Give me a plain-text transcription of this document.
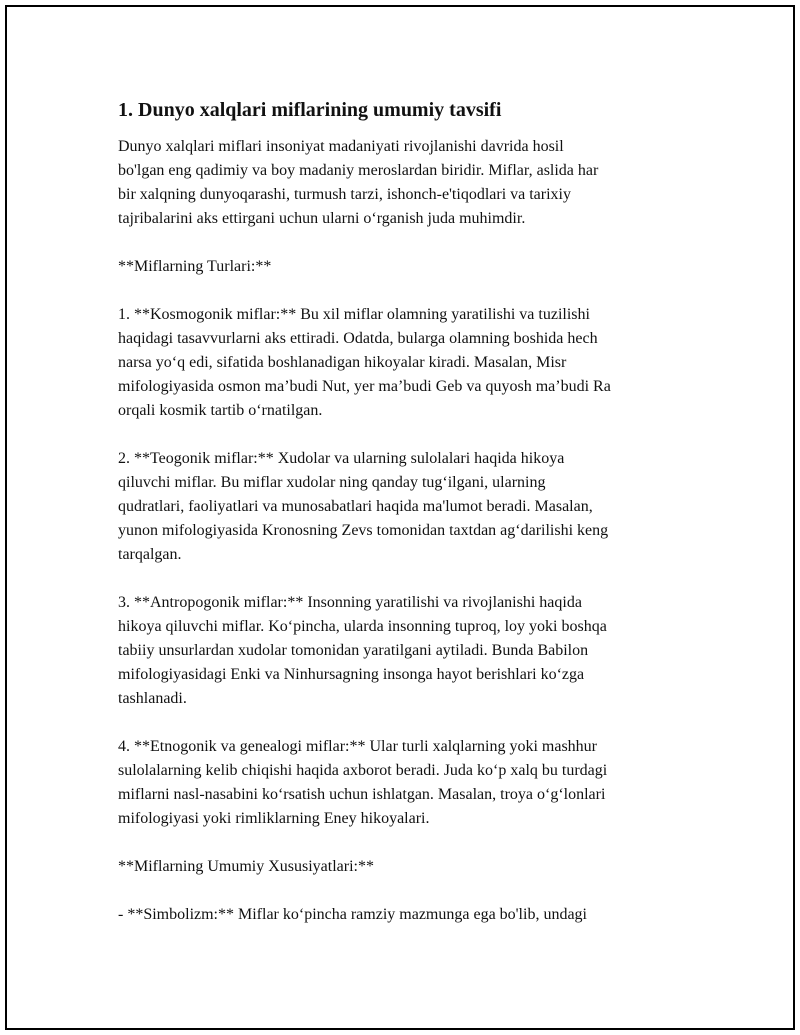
1. Dunyo xalqlari miflarining umumiy tavsifi

Dunyo xalqlari miflari insoniyat madaniyati rivojlanishi davrida hosil
bo'lgan eng qadimiy va boy madaniy meroslardan biridir. Miflar, aslida har
bir xalqning dunyoqarashi, turmush tarzi, ishonch-e'tiqodlari va tarixiy
tajribalarini aks ettirgani uchun ularni o‘rganish juda muhimdir.

**Miflarning Turlari:**

1. **Kosmogonik miflar:** Bu xil miflar olamning yaratilishi va tuzilishi
haqidagi tasavvurlarni aks ettiradi. Odatda, bularga olamning boshida hech
narsa yo‘q edi, sifatida boshlanadigan hikoyalar kiradi. Masalan, Misr
mifologiyasida osmon ma’budi Nut, yer ma’budi Geb va quyosh ma’budi Ra
orqali kosmik tartib o‘rnatilgan.

2. **Teogonik miflar:** Xudolar va ularning sulolalari haqida hikoya
qiluvchi miflar. Bu miflar xudolar ning qanday tug‘ilgani, ularning
qudratlari, faoliyatlari va munosabatlari haqida ma'lumot beradi. Masalan,
yunon mifologiyasida Kronosning Zevs tomonidan taxtdan ag‘darilishi keng
tarqalgan.

3. **Antropogonik miflar:** Insonning yaratilishi va rivojlanishi haqida
hikoya qiluvchi miflar. Ko‘pincha, ularda insonning tuproq, loy yoki boshqa
tabiiy unsurlardan xudolar tomonidan yaratilgani aytiladi. Bunda Babilon
mifologiyasidagi Enki va Ninhursagning insonga hayot berishlari ko‘zga
tashlanadi.

4. **Etnogonik va genealogi miflar:** Ular turli xalqlarning yoki mashhur
sulolalarning kelib chiqishi haqida axborot beradi. Juda ko‘p xalq bu turdagi
miflarni nasl-nasabini ko‘rsatish uchun ishlatgan. Masalan, troya o‘g‘lonlari
mifologiyasi yoki rimliklarning Eney hikoyalari.

**Miflarning Umumiy Xususiyatlari:**

- **Simbolizm:** Miflar ko‘pincha ramziy mazmunga ega bo'lib, undagi
